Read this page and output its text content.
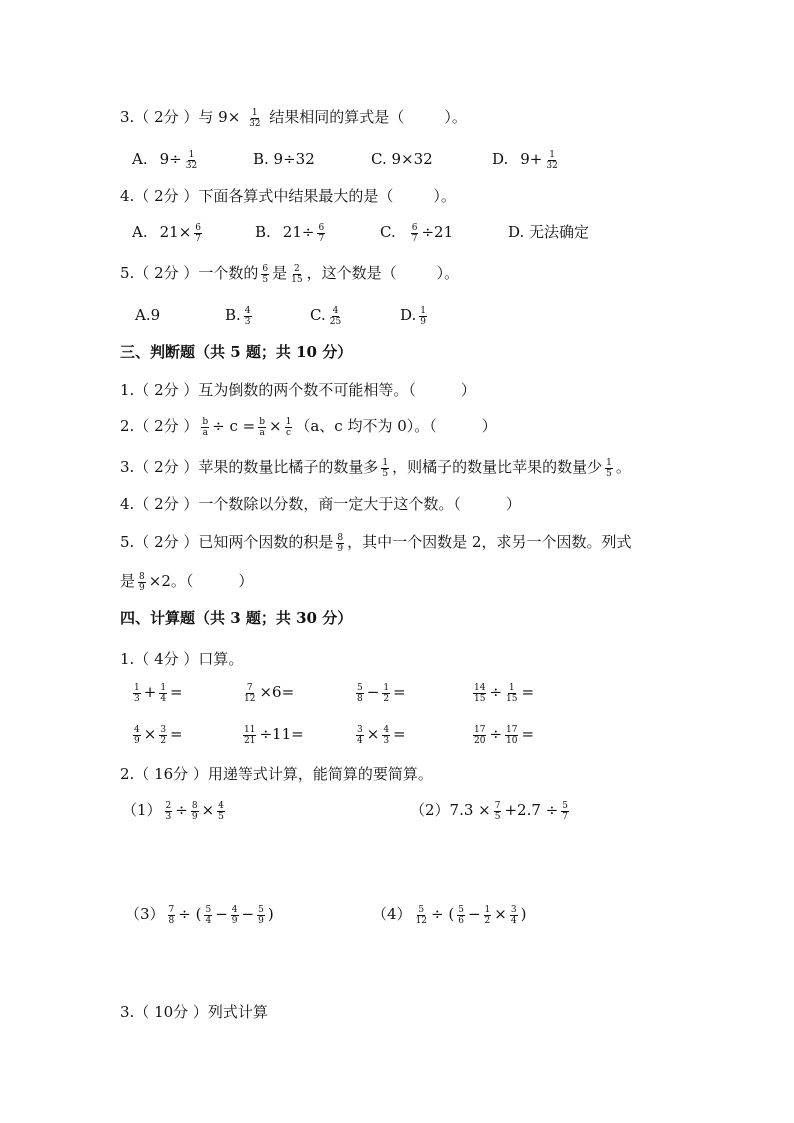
3.（ 2分 ）与 $9\times \frac{1}{32}$ 结果相同的算式是（	）。
A. $9\div \frac{1}{32}$	B. 9÷32	C. 9×32	D. $9+ \frac{1}{32}$
4.（ 2分 ）下面各算式中结果最大的是（	）。
A. $21\times \frac{6}{7}$	B. $21\div \frac{6}{7}$	C. $\frac{6}{7} \div 21$	D. 无法确定
5.（ 2分 ）一个数的 $\frac{6}{5}$ 是 $\frac{2}{15}$ ，这个数是（	）。
A.9	B. $\frac{4}{3}$	C. $\frac{4}{25}$	D. $\frac{1}{9}$
三、判断题（共 5 题；共 10 分）
1.（ 2分 ）互为倒数的两个数不可能相等。（　　　）
2.（ 2分 ） $\frac{b}{a} \div c = \frac{b}{a} \times \frac{1}{c} (a$、c 均不为 0）。（　　　）
3.（ 2分 ）苹果的数量比橘子的数量多 $\frac{1}{5}$ ，则橘子的数量比苹果的数量少 $\frac{1}{5}$ 。
4.（ 2分 ）一个数除以分数，商一定大于这个数。（　　　）
5.（ 2分 ）已知两个因数的积是 $\frac{8}{9}$ ，其中一个因数是 2，求另一个因数。列式
是 $\frac{8}{9} \times 2$。（　　　）
四、计算题（共 3 题；共 30 分）
1.（ 4分 ）口算。
$\frac{1}{3} + \frac{1}{4}$ =	$\frac{7}{12} \times 6=$	$\frac{5}{8} - \frac{1}{2}$ =	$\frac{14}{15} \div \frac{1}{15}$ =
$\frac{4}{9} \times \frac{3}{2}$ =	$\frac{11}{21} \div 11=$	$\frac{3}{4} \times \frac{4}{3}$ =	$\frac{17}{20} \div \frac{17}{10}$ =
2.（ 16分 ）用递等式计算，能简算的要简算。
$(1) \frac{2}{3} \div \frac{8}{9} \times \frac{4}{5}$	$(2)7.3 \times \frac{7}{5} +2.7 \div \frac{5}{7}$
$(3) \frac{7}{8}$ ÷ ( $\frac{5}{4} - \frac{4}{9} - \frac{5}{9}$ )	$(4) \frac{5}{12}$ ÷ ( $\frac{5}{6} - \frac{1}{2} \times \frac{3}{4}$ )
3.（ 10分 ）列式计算
